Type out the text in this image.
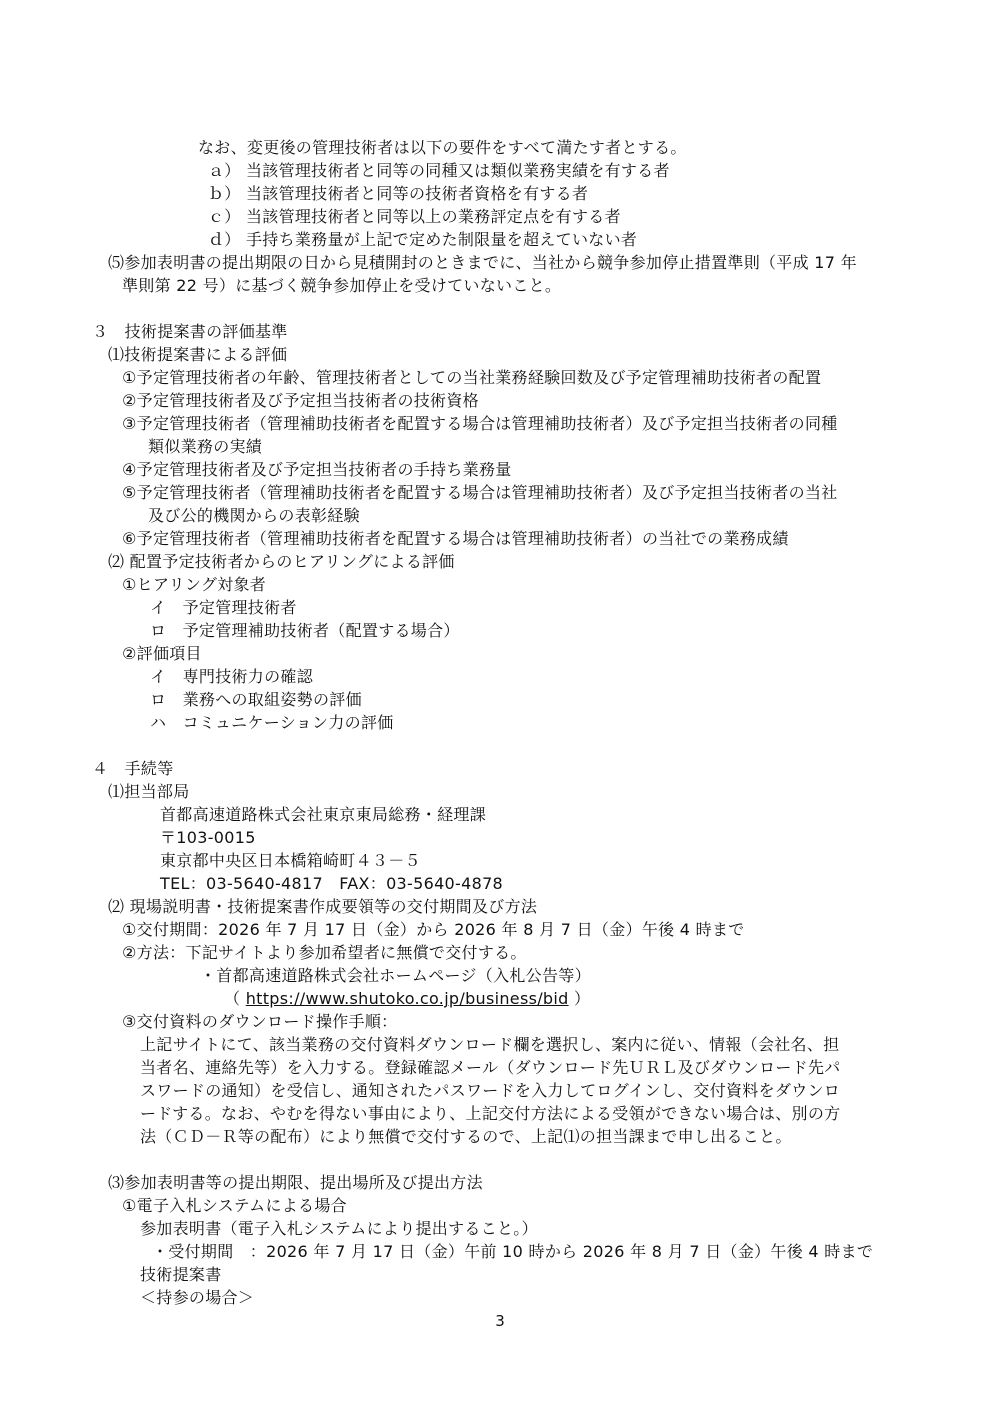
なお、変更後の管理技術者は以下の要件をすべて満たす者とする。
ａ） 当該管理技術者と同等の同種又は類似業務実績を有する者
ｂ） 当該管理技術者と同等の技術者資格を有する者
ｃ） 当該管理技術者と同等以上の業務評定点を有する者
ｄ） 手持ち業務量が上記で定めた制限量を超えていない者
⑸参加表明書の提出期限の日から見積開封のときまでに、当社から競争参加停止措置準則（平成 17 年
準則第 22 号）に基づく競争参加停止を受けていないこと。
３　技術提案書の評価基準
⑴技術提案書による評価
①予定管理技術者の年齢、管理技術者としての当社業務経験回数及び予定管理補助技術者の配置
②予定管理技術者及び予定担当技術者の技術資格
③予定管理技術者（管理補助技術者を配置する場合は管理補助技術者）及び予定担当技術者の同種
類似業務の実績
④予定管理技術者及び予定担当技術者の手持ち業務量
⑤予定管理技術者（管理補助技術者を配置する場合は管理補助技術者）及び予定担当技術者の当社
及び公的機関からの表彰経験
⑥予定管理技術者（管理補助技術者を配置する場合は管理補助技術者）の当社での業務成績
⑵ 配置予定技術者からのヒアリングによる評価
①ヒアリング対象者
イ　予定管理技術者
ロ　予定管理補助技術者（配置する場合）
②評価項目
イ　専門技術力の確認
ロ　業務への取組姿勢の評価
ハ　コミュニケーション力の評価
４　手続等
⑴担当部局
首都高速道路株式会社東京東局総務・経理課
〒103-0015
東京都中央区日本橋箱崎町４３－５
TEL：03-5640-4817　FAX：03-5640-4878
⑵ 現場説明書・技術提案書作成要領等の交付期間及び方法
①交付期間：2026 年 7 月 17 日（金）から 2026 年 8 月 7 日（金）午後 4 時まで
②方法：下記サイトより参加希望者に無償で交付する。
・首都高速道路株式会社ホームページ（入札公告等）
（ https://www.shutoko.co.jp/business/bid ）
③交付資料のダウンロード操作手順：
上記サイトにて、該当業務の交付資料ダウンロード欄を選択し、案内に従い、情報（会社名、担
当者名、連絡先等）を入力する。登録確認メール（ダウンロード先ＵＲＬ及びダウンロード先パ
スワードの通知）を受信し、通知されたパスワードを入力してログインし、交付資料をダウンロ
ードする。なお、やむを得ない事由により、上記交付方法による受領ができない場合は、別の方
法（ＣＤ－Ｒ等の配布）により無償で交付するので、上記⑴の担当課まで申し出ること。
⑶参加表明書等の提出期限、提出場所及び提出方法
①電子入札システムによる場合
参加表明書（電子入札システムにより提出すること。）
・受付期間　：2026 年 7 月 17 日（金）午前 10 時から 2026 年 8 月 7 日（金）午後 4 時まで
技術提案書
＜持参の場合＞
3
